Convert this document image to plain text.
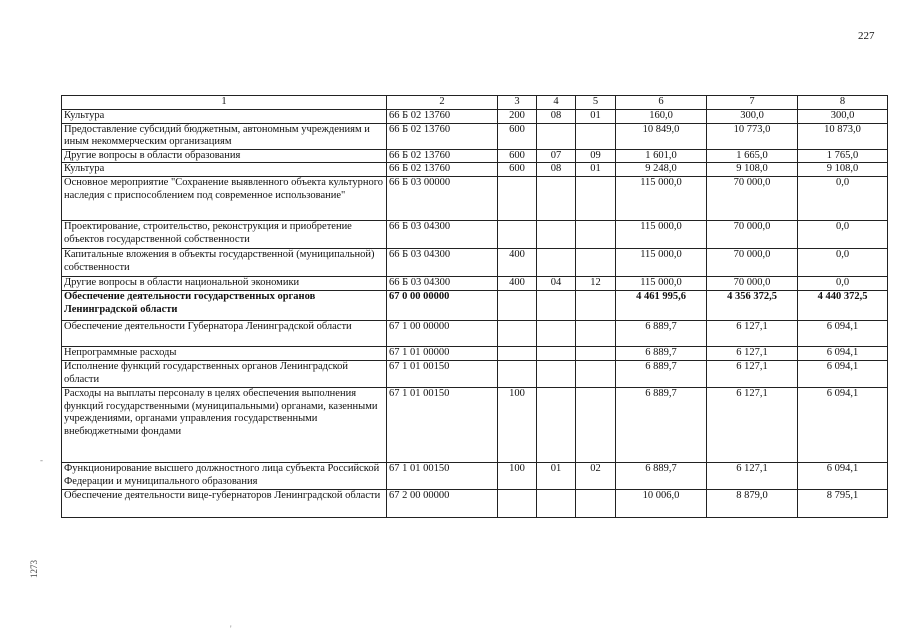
227
1	2	3	4	5	6	7	8
Культура	66 Б 02 13760	200	08	01	160,0	300,0	300,0
Предоставление субсидий бюджетным, автономным учреждениям и иным некоммерческим организациям	66 Б 02 13760	600			10 849,0	10 773,0	10 873,0
Другие вопросы в области образования	66 Б 02 13760	600	07	09	1 601,0	1 665,0	1 765,0
Культура	66 Б 02 13760	600	08	01	9 248,0	9 108,0	9 108,0
Основное мероприятие "Сохранение выявленного объекта культурного наследия с приспособлением под современное использование"	66 Б 03 00000				115 000,0	70 000,0	0,0
Проектирование, строительство, реконструкция и приобретение объектов государственной собственности	66 Б 03 04300				115 000,0	70 000,0	0,0
Капитальные вложения в объекты государственной (муниципальной) собственности	66 Б 03 04300	400			115 000,0	70 000,0	0,0
Другие вопросы в области национальной экономики	66 Б 03 04300	400	04	12	115 000,0	70 000,0	0,0
Обеспечение деятельности государственных органов Ленинградской области	67 0 00 00000				4 461 995,6	4 356 372,5	4 440 372,5
Обеспечение деятельности Губернатора Ленинградской области	67 1 00 00000				6 889,7	6 127,1	6 094,1
Непрограммные расходы	67 1 01 00000				6 889,7	6 127,1	6 094,1
Исполнение функций государственных органов Ленинградской области	67 1 01 00150				6 889,7	6 127,1	6 094,1
Расходы на выплаты персоналу в целях обеспечения выполнения функций государственными (муниципальными) органами, казенными учреждениями, органами управления государственными внебюджетными фондами	67 1 01 00150	100			6 889,7	6 127,1	6 094,1
Функционирование высшего должностного лица субъекта Российской Федерации и муниципального образования	67 1 01 00150	100	01	02	6 889,7	6 127,1	6 094,1
Обеспечение деятельности вице-губернаторов Ленинградской области	67 2 00 00000				10 006,0	8 879,0	8 795,1
1273
-
'
